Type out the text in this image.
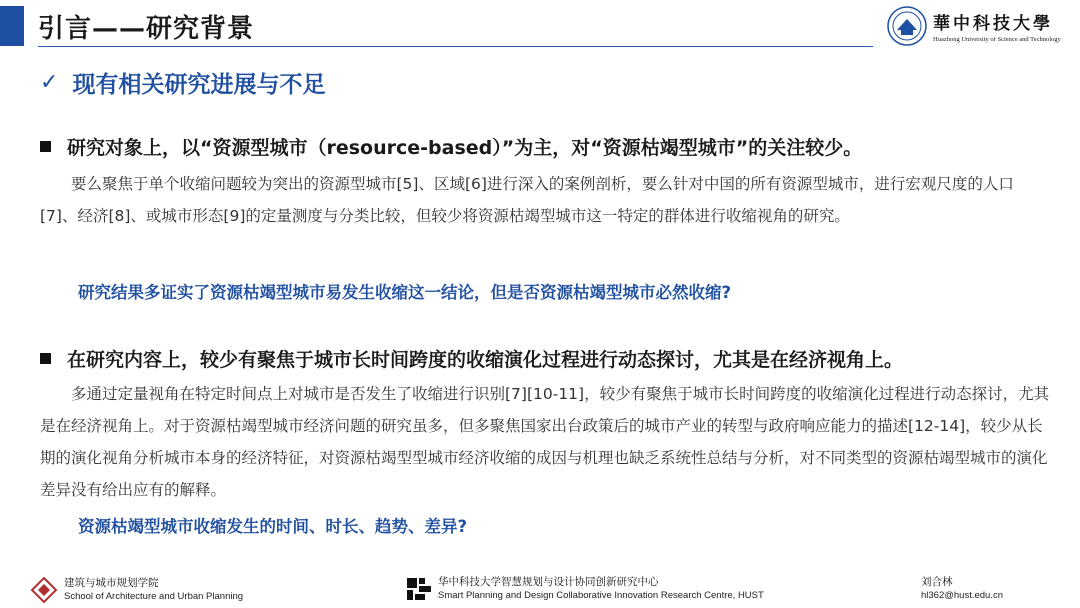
引言——研究背景	華中科技大學
Huazhong University of Science and Technology
✓ 现有相关研究进展与不足
研究对象上，以“资源型城市（resource-based）”为主，对“资源枯竭型城市”的关注较少。
要么聚焦于单个收缩问题较为突出的资源型城市[5]、区域[6]进行深入的案例剖析，要么针对中国的所有资源型城市，进行宏观尺度的人口[7]、经济[8]、或城市形态[9]的定量测度与分类比较，但较少将资源枯竭型城市这一特定的群体进行收缩视角的研究。
研究结果多证实了资源枯竭型城市易发生收缩这一结论，但是否资源枯竭型城市必然收缩?
在研究内容上，较少有聚焦于城市长时间跨度的收缩演化过程进行动态探讨，尤其是在经济视角上。
多通过定量视角在特定时间点上对城市是否发生了收缩进行识别[7][10-11]，较少有聚焦于城市长时间跨度的收缩演化过程进行动态探讨，尤其是在经济视角上。对于资源枯竭型城市经济问题的研究虽多，但多聚焦国家出台政策后的城市产业的转型与政府响应能力的描述[12-14]，较少从长期的演化视角分析城市本身的经济特征，对资源枯竭型型城市经济收缩的成因与机理也缺乏系统性总结与分析，对不同类型的资源枯竭型城市的演化差异没有给出应有的解释。
资源枯竭型城市收缩发生的时间、时长、趋势、差异?
建筑与城市规划学院
School of Architecture and Urban Planning
华中科技大学智慧规划与设计协同创新研究中心
Smart Planning and Design Collaborative Innovation Research Centre, HUST
刘合林
hl362@hust.edu.cn
